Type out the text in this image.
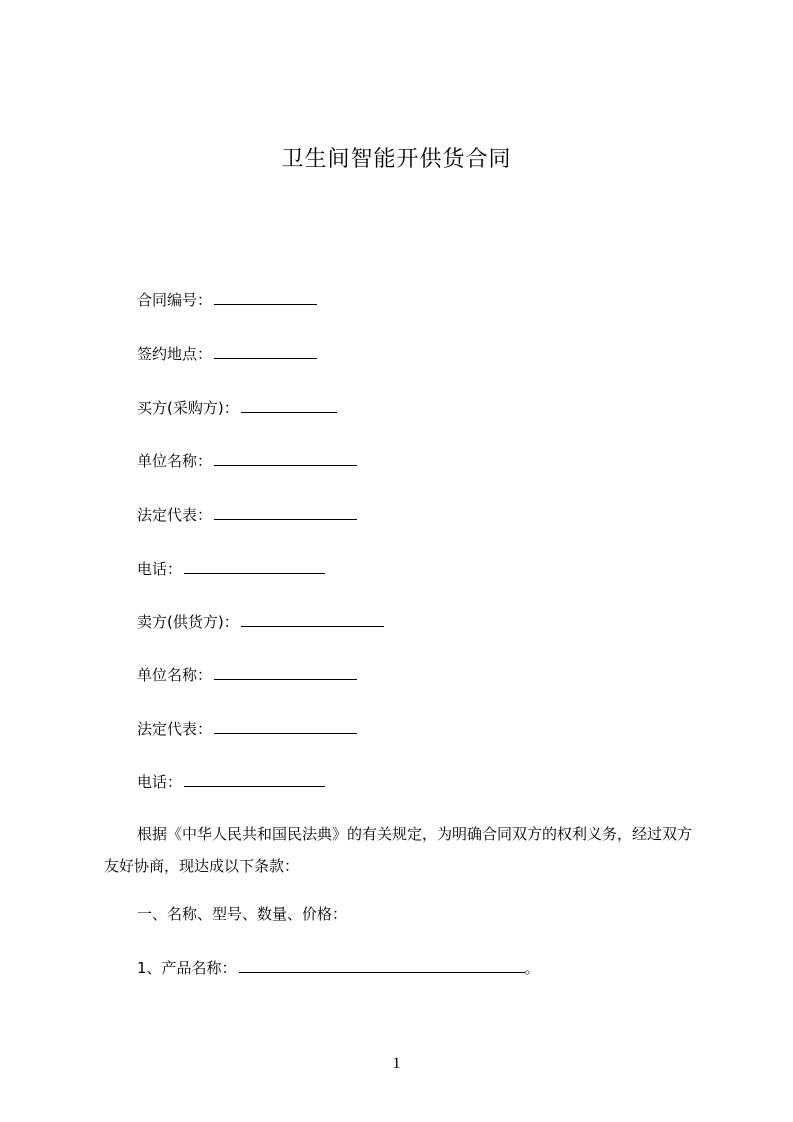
卫生间智能开供货合同
合同编号：
签约地点：
买方(采购方)：
单位名称：
法定代表：
电话：
卖方(供货方)：
单位名称：
法定代表：
电话：
根据《中华人民共和国民法典》的有关规定，为明确合同双方的权利义务，经过双方友好协商，现达成以下条款：
一、名称、型号、数量、价格：
1、产品名称：	。
1
